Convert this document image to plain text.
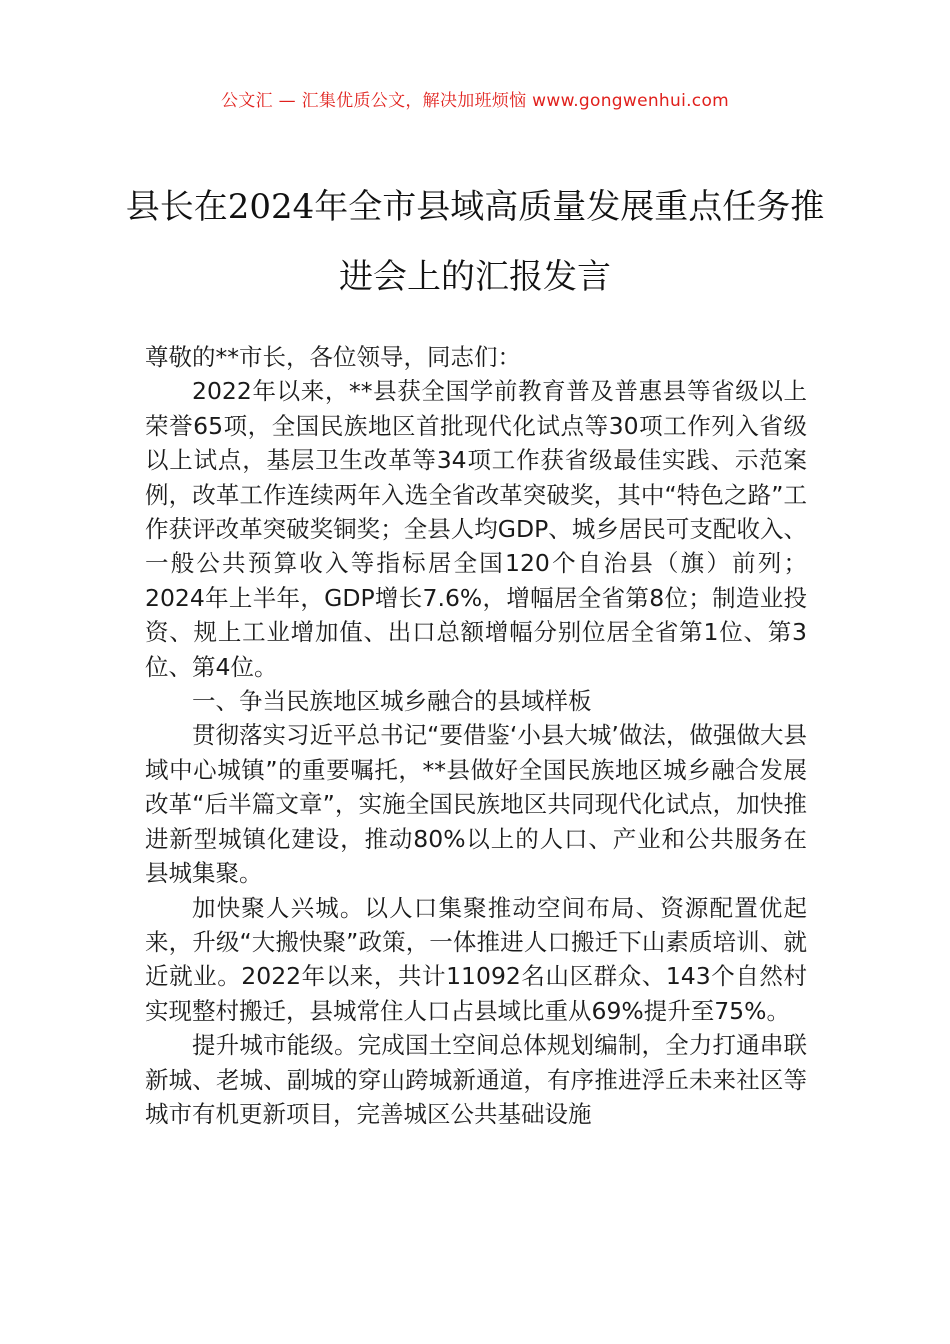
公文汇 — 汇集优质公文，解决加班烦恼 www.gongwenhui.com
县长在2024年全市县域高质量发展重点任务推进会上的汇报发言

尊敬的**市长，各位领导，同志们：

2022年以来，**县获全国学前教育普及普惠县等省级以上荣誉65项，全国民族地区首批现代化试点等30项工作列入省级以上试点，基层卫生改革等34项工作获省级最佳实践、示范案例，改革工作连续两年入选全省改革突破奖，其中“特色之路”工作获评改革突破奖铜奖；全县人均GDP、城乡居民可支配收入、一般公共预算收入等指标居全国120个自治县（旗）前列；2024年上半年，GDP增长7.6%，增幅居全省第8位；制造业投资、规上工业增加值、出口总额增幅分别位居全省第1位、第3位、第4位。

一、争当民族地区城乡融合的县域样板

贯彻落实习近平总书记“要借鉴‘小县大城’做法，做强做大县域中心城镇”的重要嘱托，**县做好全国民族地区城乡融合发展改革“后半篇文章”，实施全国民族地区共同现代化试点，加快推进新型城镇化建设，推动80%以上的人口、产业和公共服务在县城集聚。

加快聚人兴城。以人口集聚推动空间布局、资源配置优起来，升级“大搬快聚”政策，一体推进人口搬迁下山素质培训、就近就业。2022年以来，共计11092名山区群众、143个自然村实现整村搬迁，县城常住人口占县域比重从69%提升至75%。

提升城市能级。完成国土空间总体规划编制，全力打通串联新城、老城、副城的穿山跨城新通道，有序推进浮丘未来社区等城市有机更新项目，完善城区公共基础设施
